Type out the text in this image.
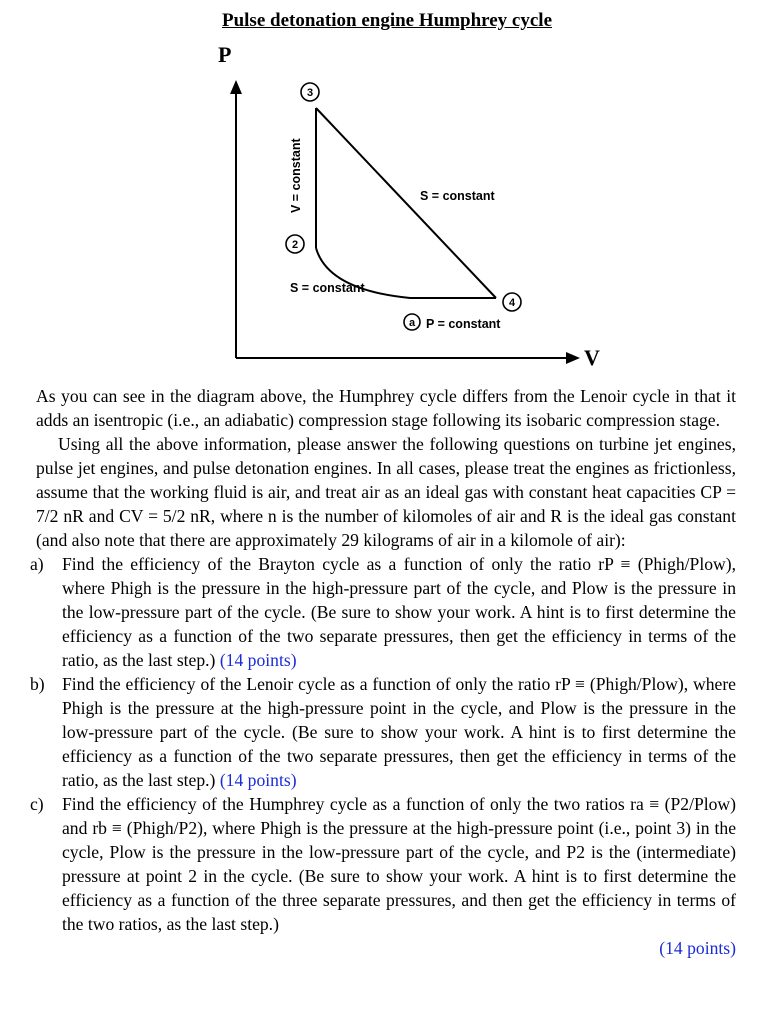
Pulse detonation engine Humphrey cycle
P
V
3
2
4
a
V = constant	S = constant
S = constant
P = constant

As you can see in the diagram above, the Humphrey cycle differs from the Lenoir cycle in that it adds an isentropic (i.e., an adiabatic) compression stage following its isobaric compression stage.

Using all the above information, please answer the following questions on turbine jet engines, pulse jet engines, and pulse detonation engines. In all cases, please treat the engines as frictionless, assume that the working fluid is air, and treat air as an ideal gas with constant heat capacities CP = 7/2 nR and CV = 5/2 nR, where n is the number of kilomoles of air and R is the ideal gas constant (and also note that there are approximately 29 kilograms of air in a kilomole of air):

a) Find the efficiency of the Brayton cycle as a function of only the ratio rP ≡ (Phigh/Plow), where Phigh is the pressure in the high-pressure part of the cycle, and Plow is the pressure in the low-pressure part of the cycle. (Be sure to show your work. A hint is to first determine the efficiency as a function of the two separate pressures, then get the efficiency in terms of the ratio, as the last step.) (14 points)
b) Find the efficiency of the Lenoir cycle as a function of only the ratio rP ≡ (Phigh/Plow), where Phigh is the pressure at the high-pressure point in the cycle, and Plow is the pressure in the low-pressure part of the cycle. (Be sure to show your work. A hint is to first determine the efficiency as a function of the two separate pressures, then get the efficiency in terms of the ratio, as the last step.) (14 points)
c) Find the efficiency of the Humphrey cycle as a function of only the two ratios ra ≡ (P2/Plow) and rb ≡ (Phigh/P2), where Phigh is the pressure at the high-pressure point (i.e., point 3) in the cycle, Plow is the pressure in the low-pressure part of the cycle, and P2 is the (intermediate) pressure at point 2 in the cycle. (Be sure to show your work. A hint is to first determine the efficiency as a function of the three separate pressures, and then get the efficiency in terms of the two ratios, as the last step.)
(14 points)
